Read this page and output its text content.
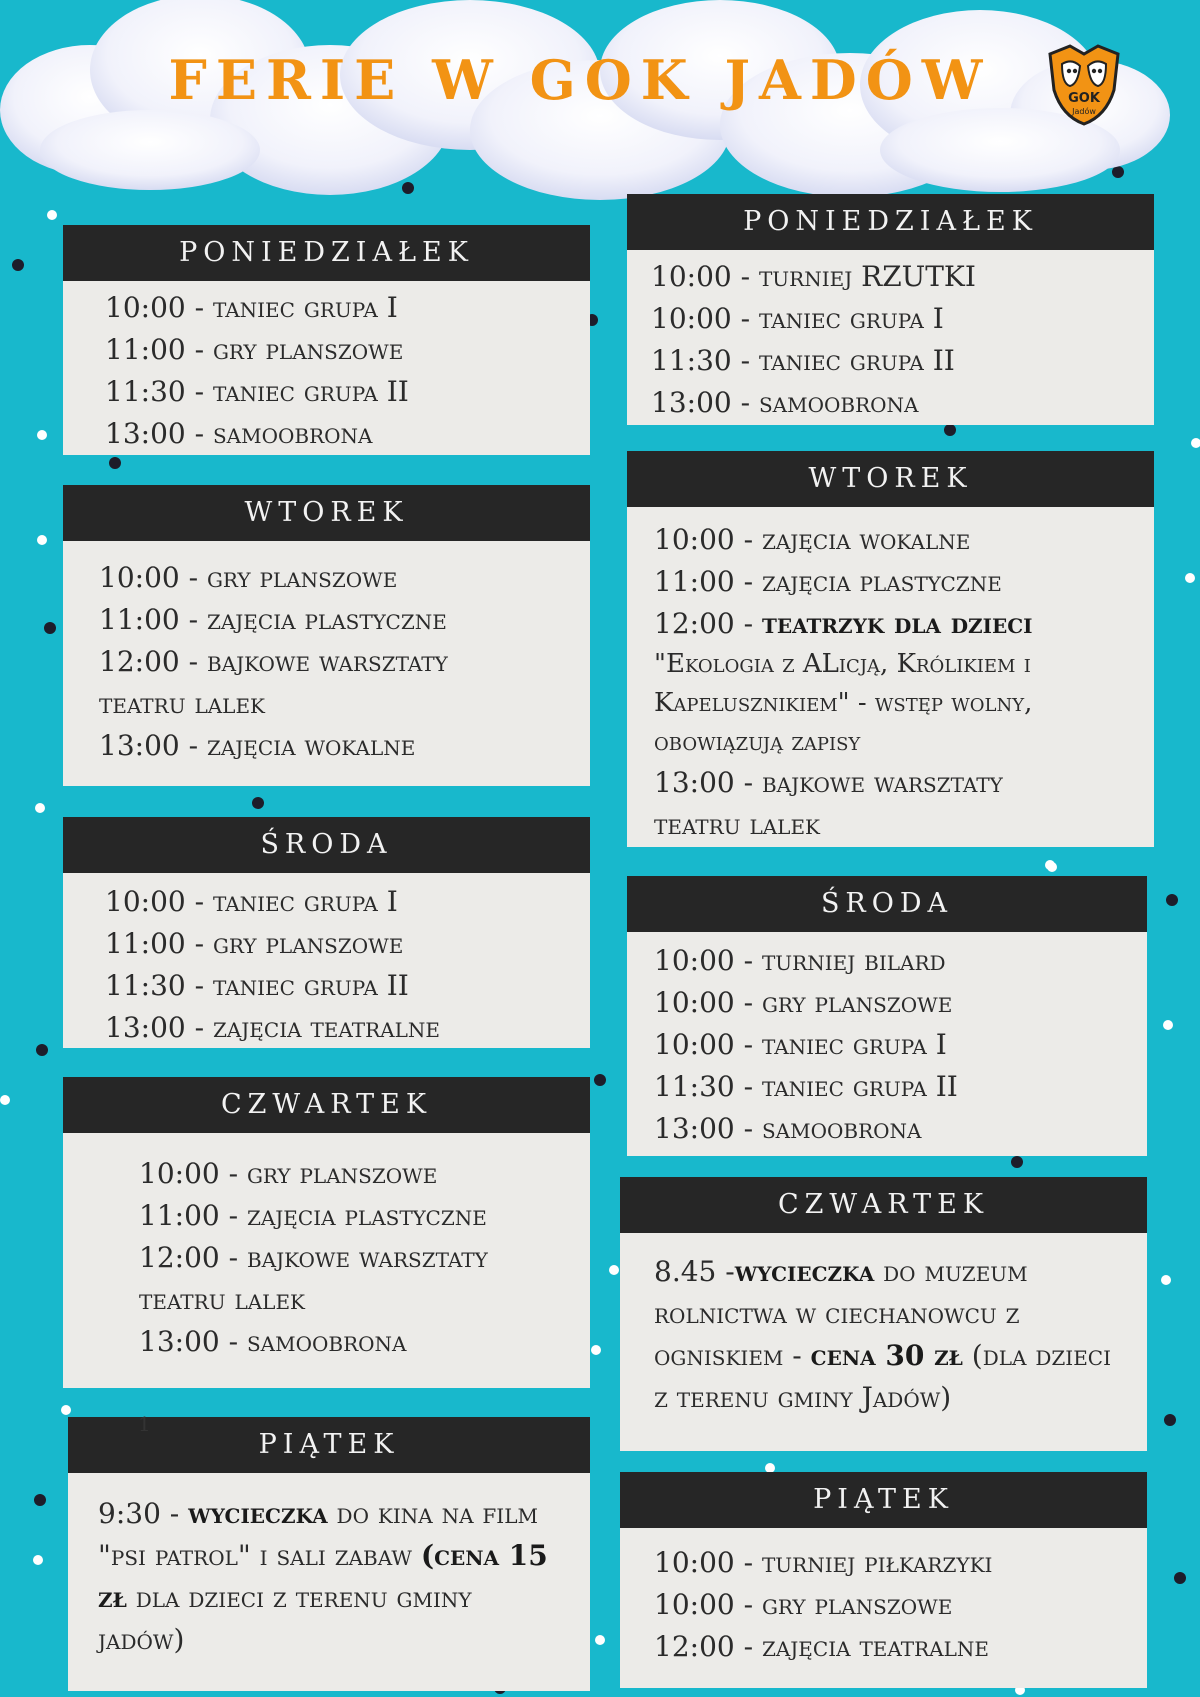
FERIE W GOK JADÓW	GOK
Jadów
PONIEDZIAŁEK
10:00 - taniec grupa I
11:00 - gry planszowe
11:30 - taniec grupa II
13:00 - samoobrona
WTOREK
10:00 - gry planszowe
11:00 - zajęcia plastyczne
12:00 - bajkowe warsztaty
teatru lalek
13:00 - zajęcia wokalne
ŚRODA
10:00 - taniec grupa I
11:00 - gry planszowe
11:30 - taniec grupa II
13:00 - zajęcia teatralne
CZWARTEK
10:00 - gry planszowe
11:00 - zajęcia plastyczne
12:00 - bajkowe warsztaty
teatru lalek
13:00 - samoobrona
PIĄTEK
9:30 - wycieczka do kina na film "psi patrol" i sali zabaw (cena 15 zł dla dzieci z terenu gminy jadów)
1
PONIEDZIAŁEK
10:00 - turniej RZUTKI
10:00 - taniec grupa I
11:30 - taniec grupa II
13:00 - samoobrona
WTOREK
10:00 - zajęcia wokalne
11:00 - zajęcia plastyczne
12:00 - teatrzyk dla dzieci
"Ekologia z ALicją, Królikiem i Kapelusznikiem" - wstęp wolny, obowiązują zapisy
13:00 - bajkowe warsztaty
teatru lalek
ŚRODA
10:00 - turniej bilard
10:00 - gry planszowe
10:00 - taniec grupa I
11:30 - taniec grupa II
13:00 - samoobrona
CZWARTEK
8.45 -wycieczka do muzeum rolnictwa w ciechanowcu z ogniskiem - cena 30 zł (dla dzieci z terenu gminy Jadów)
PIĄTEK
10:00 - turniej piłkarzyki
10:00 - gry planszowe
12:00 - zajęcia teatralne
